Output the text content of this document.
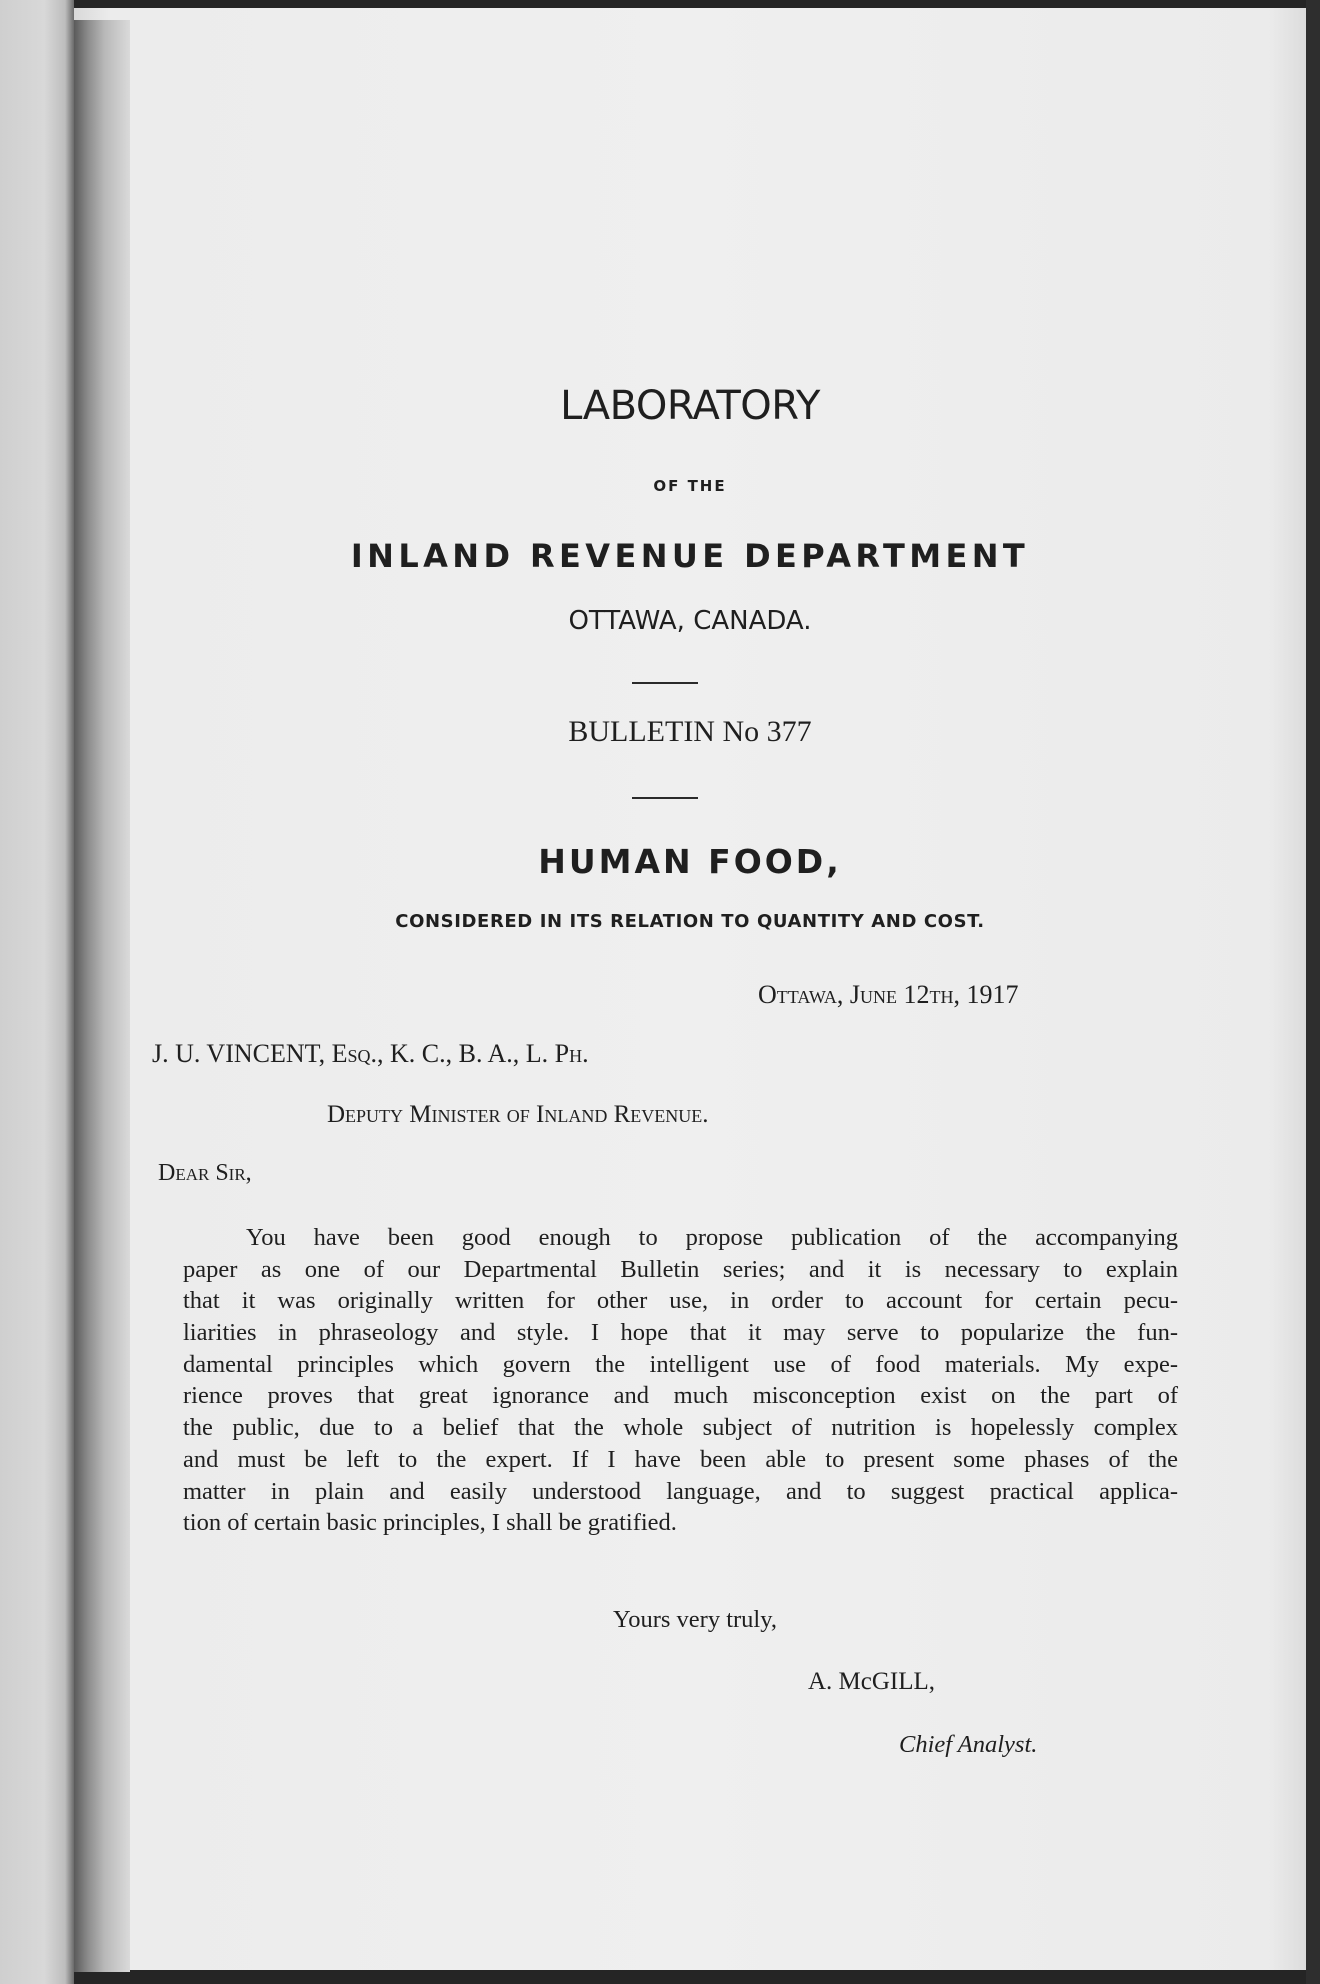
LABORATORY
OF THE
INLAND REVENUE DEPARTMENT
OTTAWA, CANADA.
BULLETIN No 377
HUMAN FOOD,
CONSIDERED IN ITS RELATION TO QUANTITY AND COST.
Ottawa, June 12th, 1917
J. U. VINCENT, Esq., K. C., B. A., L. Ph.
Deputy Minister of Inland Revenue.
Dear Sir,
You have been good enough to propose publication of the accompanying
paper as one of our Departmental Bulletin series; and it is necessary to explain
that it was originally written for other use, in order to account for certain pecu-
liarities in phraseology and style. I hope that it may serve to popularize the fun-
damental principles which govern the intelligent use of food materials. My expe-
rience proves that great ignorance and much misconception exist on the part of
the public, due to a belief that the whole subject of nutrition is hopelessly complex
and must be left to the expert. If I have been able to present some phases of the
matter in plain and easily understood language, and to suggest practical applica-
tion of certain basic principles, I shall be gratified.
Yours very truly,
A. McGILL,
Chief Analyst.
